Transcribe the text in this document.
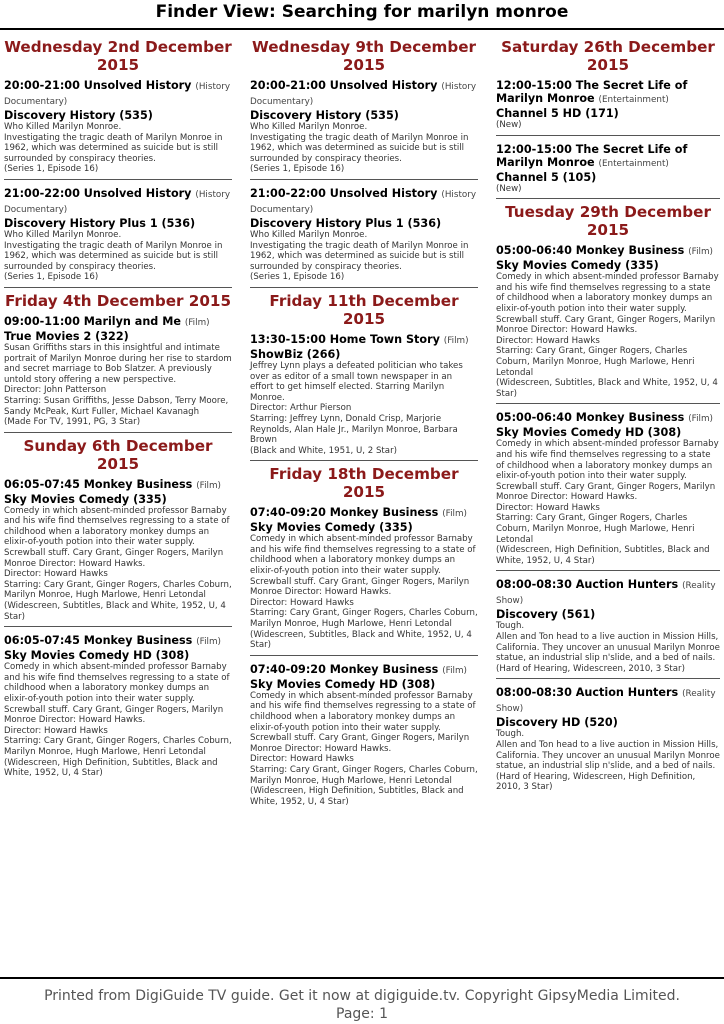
Finder View: Searching for marilyn monroe
Wednesday 2nd December 2015
20:00-21:00 Unsolved History (History Documentary)
Discovery History (535)
Who Killed Marilyn Monroe.
Investigating the tragic death of Marilyn Monroe in 1962, which was determined as suicide but is still surrounded by conspiracy theories.
(Series 1, Episode 16)
21:00-22:00 Unsolved History (History Documentary)
Discovery History Plus 1 (536)
Who Killed Marilyn Monroe.
Investigating the tragic death of Marilyn Monroe in 1962, which was determined as suicide but is still surrounded by conspiracy theories.
(Series 1, Episode 16)
Friday 4th December 2015
09:00-11:00 Marilyn and Me (Film)
True Movies 2 (322)
Susan Griffiths stars in this insightful and intimate portrait of Marilyn Monroe during her rise to stardom and secret marriage to Bob Slatzer. A previously untold story offering a new perspective.
Director: John Patterson
Starring: Susan Griffiths, Jesse Dabson, Terry Moore, Sandy McPeak, Kurt Fuller, Michael Kavanagh
(Made For TV, 1991, PG, 3 Star)
Sunday 6th December 2015
06:05-07:45 Monkey Business (Film)
Sky Movies Comedy (335)
Comedy in which absent-minded professor Barnaby and his wife find themselves regressing to a state of childhood when a laboratory monkey dumps an elixir-of-youth potion into their water supply. Screwball stuff. Cary Grant, Ginger Rogers, Marilyn Monroe Director: Howard Hawks.
Director: Howard Hawks
Starring: Cary Grant, Ginger Rogers, Charles Coburn, Marilyn Monroe, Hugh Marlowe, Henri Letondal
(Widescreen, Subtitles, Black and White, 1952, U, 4 Star)
06:05-07:45 Monkey Business (Film)
Sky Movies Comedy HD (308)
Comedy in which absent-minded professor Barnaby and his wife find themselves regressing to a state of childhood when a laboratory monkey dumps an elixir-of-youth potion into their water supply. Screwball stuff. Cary Grant, Ginger Rogers, Marilyn Monroe Director: Howard Hawks.
Director: Howard Hawks
Starring: Cary Grant, Ginger Rogers, Charles Coburn, Marilyn Monroe, Hugh Marlowe, Henri Letondal
(Widescreen, High Definition, Subtitles, Black and White, 1952, U, 4 Star)
Wednesday 9th December 2015
20:00-21:00 Unsolved History (History Documentary)
Discovery History (535)
Who Killed Marilyn Monroe.
Investigating the tragic death of Marilyn Monroe in 1962, which was determined as suicide but is still surrounded by conspiracy theories.
(Series 1, Episode 16)
21:00-22:00 Unsolved History (History Documentary)
Discovery History Plus 1 (536)
Who Killed Marilyn Monroe.
Investigating the tragic death of Marilyn Monroe in 1962, which was determined as suicide but is still surrounded by conspiracy theories.
(Series 1, Episode 16)
Friday 11th December 2015
13:30-15:00 Home Town Story (Film)
ShowBiz (266)
Jeffrey Lynn plays a defeated politician who takes over as editor of a small town newspaper in an effort to get himself elected. Starring Marilyn Monroe.
Director: Arthur Pierson
Starring: Jeffrey Lynn, Donald Crisp, Marjorie Reynolds, Alan Hale Jr., Marilyn Monroe, Barbara Brown
(Black and White, 1951, U, 2 Star)
Friday 18th December 2015
07:40-09:20 Monkey Business (Film)
Sky Movies Comedy (335)
Comedy in which absent-minded professor Barnaby and his wife find themselves regressing to a state of childhood when a laboratory monkey dumps an elixir-of-youth potion into their water supply. Screwball stuff. Cary Grant, Ginger Rogers, Marilyn Monroe Director: Howard Hawks.
Director: Howard Hawks
Starring: Cary Grant, Ginger Rogers, Charles Coburn, Marilyn Monroe, Hugh Marlowe, Henri Letondal
(Widescreen, Subtitles, Black and White, 1952, U, 4 Star)
07:40-09:20 Monkey Business (Film)
Sky Movies Comedy HD (308)
Comedy in which absent-minded professor Barnaby and his wife find themselves regressing to a state of childhood when a laboratory monkey dumps an elixir-of-youth potion into their water supply. Screwball stuff. Cary Grant, Ginger Rogers, Marilyn Monroe Director: Howard Hawks.
Director: Howard Hawks
Starring: Cary Grant, Ginger Rogers, Charles Coburn, Marilyn Monroe, Hugh Marlowe, Henri Letondal
(Widescreen, High Definition, Subtitles, Black and White, 1952, U, 4 Star)
Saturday 26th December 2015
12:00-15:00 The Secret Life of Marilyn Monroe (Entertainment)
Channel 5 HD (171)
(New)
12:00-15:00 The Secret Life of Marilyn Monroe (Entertainment)
Channel 5 (105)
(New)
Tuesday 29th December 2015
05:00-06:40 Monkey Business (Film)
Sky Movies Comedy (335)
Comedy in which absent-minded professor Barnaby and his wife find themselves regressing to a state of childhood when a laboratory monkey dumps an elixir-of-youth potion into their water supply. Screwball stuff. Cary Grant, Ginger Rogers, Marilyn Monroe Director: Howard Hawks.
Director: Howard Hawks
Starring: Cary Grant, Ginger Rogers, Charles Coburn, Marilyn Monroe, Hugh Marlowe, Henri Letondal
(Widescreen, Subtitles, Black and White, 1952, U, 4 Star)
05:00-06:40 Monkey Business (Film)
Sky Movies Comedy HD (308)
Comedy in which absent-minded professor Barnaby and his wife find themselves regressing to a state of childhood when a laboratory monkey dumps an elixir-of-youth potion into their water supply. Screwball stuff. Cary Grant, Ginger Rogers, Marilyn Monroe Director: Howard Hawks.
Director: Howard Hawks
Starring: Cary Grant, Ginger Rogers, Charles Coburn, Marilyn Monroe, Hugh Marlowe, Henri Letondal
(Widescreen, High Definition, Subtitles, Black and White, 1952, U, 4 Star)
08:00-08:30 Auction Hunters (Reality Show)
Discovery (561)
Tough.
Allen and Ton head to a live auction in Mission Hills, California. They uncover an unusual Marilyn Monroe statue, an industrial slip n'slide, and a bed of nails.
(Hard of Hearing, Widescreen, 2010, 3 Star)
08:00-08:30 Auction Hunters (Reality Show)
Discovery HD (520)
Tough.
Allen and Ton head to a live auction in Mission Hills, California. They uncover an unusual Marilyn Monroe statue, an industrial slip n'slide, and a bed of nails.
(Hard of Hearing, Widescreen, High Definition, 2010, 3 Star)
Printed from DigiGuide TV guide. Get it now at digiguide.tv. Copyright GipsyMedia Limited. Page: 1
